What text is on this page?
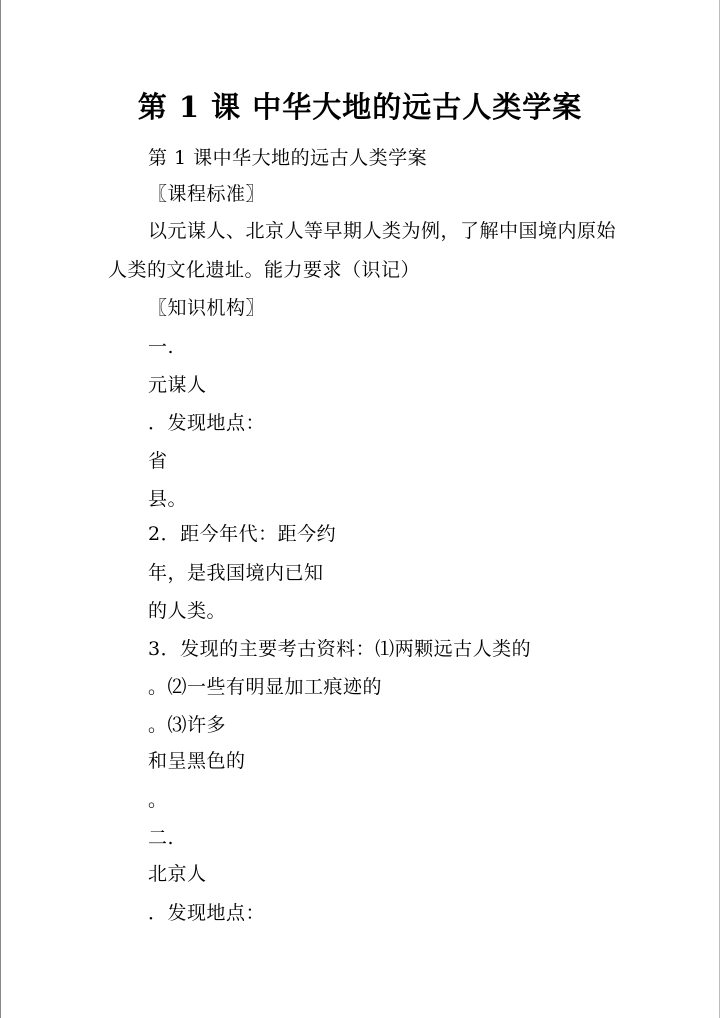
第 1 课 中华大地的远古人类学案
第 1 课中华大地的远古人类学案
〖课程标准〗
以元谋人、北京人等早期人类为例，了解中国境内原始
人类的文化遗址。能力要求（识记）
〖知识机构〗
一.
元谋人
．发现地点：
省
县。
2．距今年代：距今约
年，是我国境内已知
的人类。
3．发现的主要考古资料：⑴两颗远古人类的
。⑵一些有明显加工痕迹的
。⑶许多
和呈黑色的
。
二.
北京人
．发现地点：
